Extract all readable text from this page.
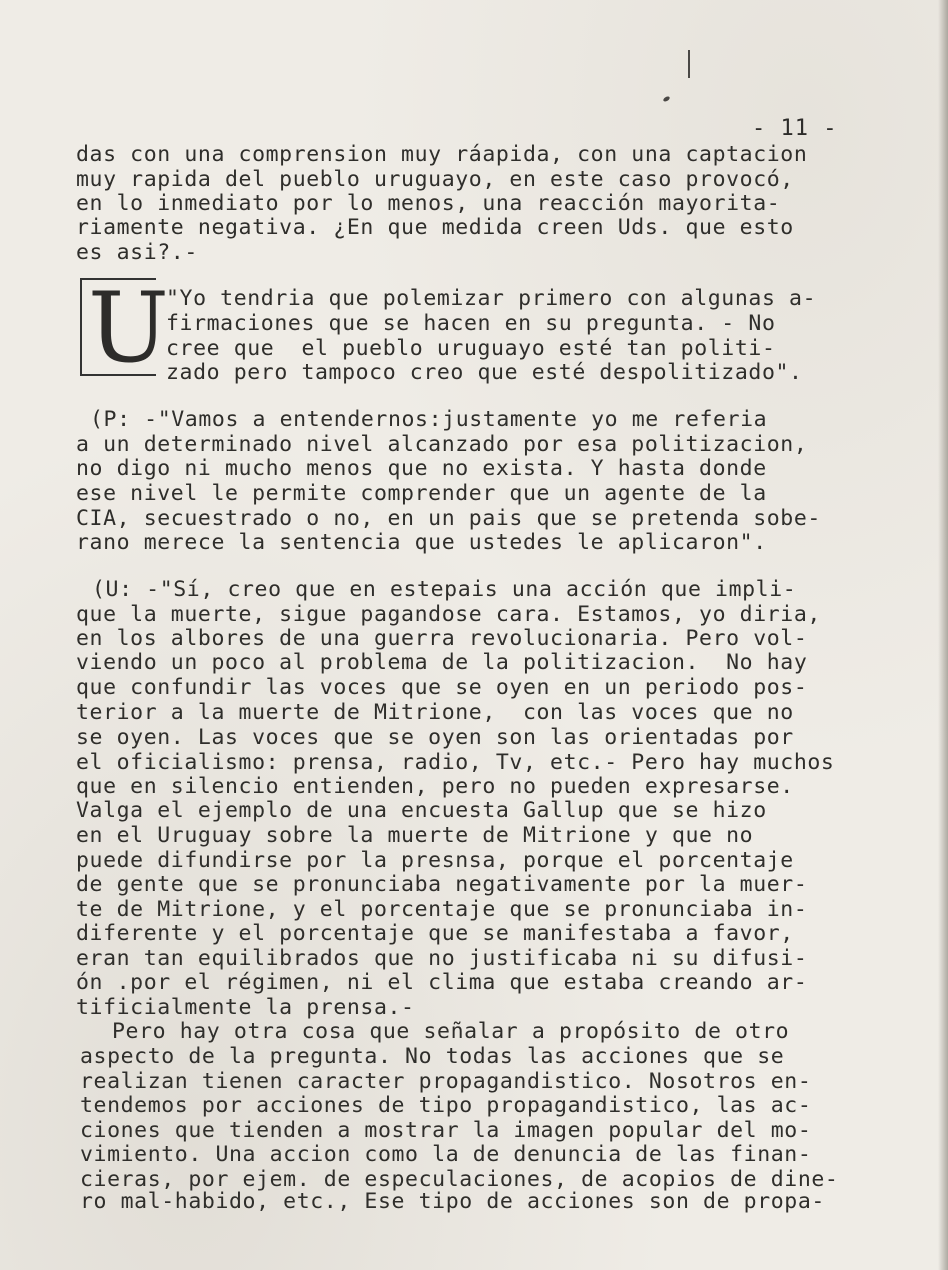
- 11 -
U
das con una comprension muy ráapida, con una captacion
muy rapida del pueblo uruguayo, en este caso provocó,
en lo inmediato por lo menos, una reacción mayorita-
riamente negativa. ¿En que medida creen Uds. que esto
es asi?.-
"Yo tendria que polemizar primero con algunas a-
firmaciones que se hacen en su pregunta. - No
cree que  el pueblo uruguayo esté tan politi-
zado pero tampoco creo que esté despolitizado".
(P: -"Vamos a entendernos:justamente yo me referia
a un determinado nivel alcanzado por esa politizacion,
no digo ni mucho menos que no exista. Y hasta donde
ese nivel le permite comprender que un agente de la
CIA, secuestrado o no, en un pais que se pretenda sobe-
rano merece la sentencia que ustedes le aplicaron".
(U: -"Sí, creo que en estepais una acción que impli-
que la muerte, sigue pagandose cara. Estamos, yo diria,
en los albores de una guerra revolucionaria. Pero vol-
viendo un poco al problema de la politizacion.  No hay
que confundir las voces que se oyen en un periodo pos-
terior a la muerte de Mitrione,  con las voces que no
se oyen. Las voces que se oyen son las orientadas por
el oficialismo: prensa, radio, Tv, etc.- Pero hay muchos
que en silencio entienden, pero no pueden expresarse.
Valga el ejemplo de una encuesta Gallup que se hizo
en el Uruguay sobre la muerte de Mitrione y que no
puede difundirse por la presnsa, porque el porcentaje
de gente que se pronunciaba negativamente por la muer-
te de Mitrione, y el porcentaje que se pronunciaba in-
diferente y el porcentaje que se manifestaba a favor,
eran tan equilibrados que no justificaba ni su difusi-
ón .por el régimen, ni el clima que estaba creando ar-
tificialmente la prensa.-
Pero hay otra cosa que señalar a propósito de otro
aspecto de la pregunta. No todas las acciones que se
realizan tienen caracter propagandistico. Nosotros en-
tendemos por acciones de tipo propagandistico, las ac-
ciones que tienden a mostrar la imagen popular del mo-
vimiento. Una accion como la de denuncia de las finan-
cieras, por ejem. de especulaciones, de acopios de dine-
ro mal-habido, etc., Ese tipo de acciones son de propa-
